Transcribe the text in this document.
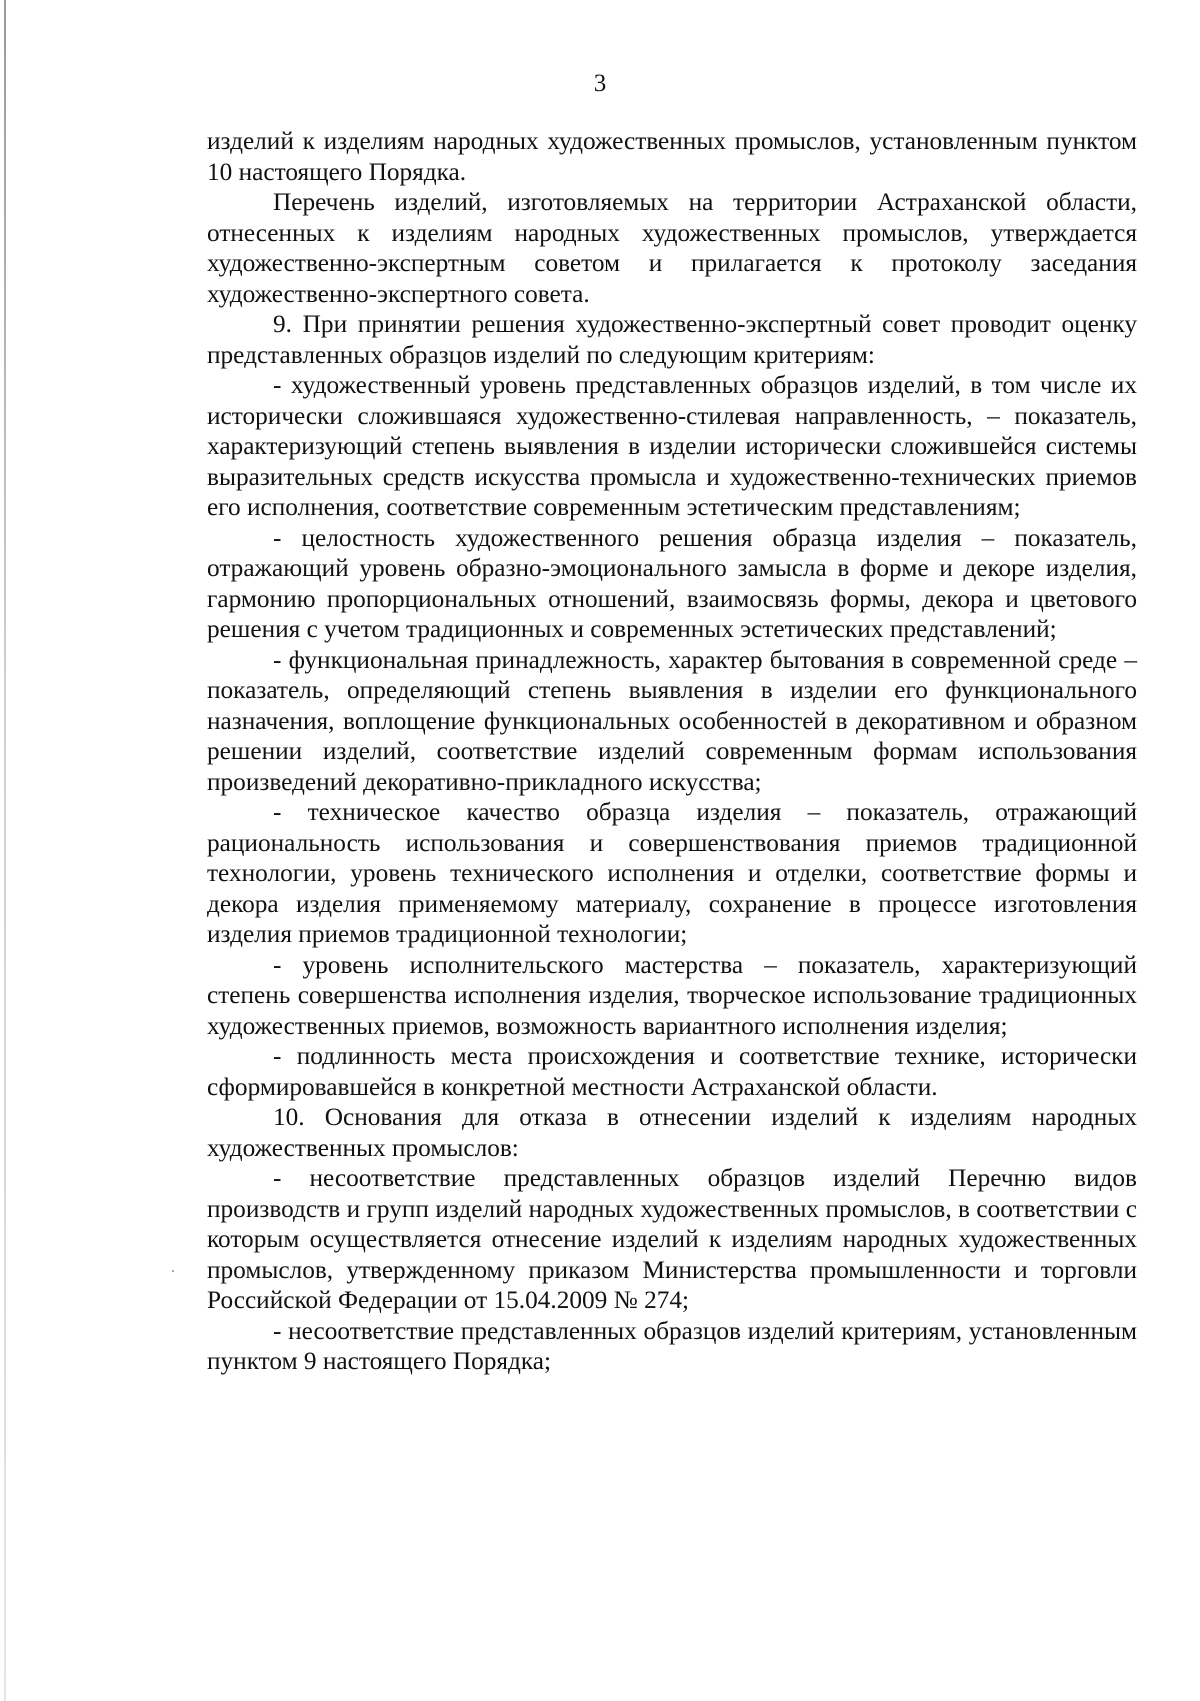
3

изделий к изделиям народных художественных промыслов, установленным пунктом 10 настоящего Порядка.

Перечень изделий, изготовляемых на территории Астраханской области, отнесенных к изделиям народных художественных промыслов, утверждается художественно-экспертным советом и прилагается к протоколу заседания художественно-экспертного совета.

9. При принятии решения художественно-экспертный совет проводит оценку представленных образцов изделий по следующим критериям:

- художественный уровень представленных образцов изделий, в том числе их исторически сложившаяся художественно-стилевая направленность, – показатель, характеризующий степень выявления в изделии исторически сложившейся системы выразительных средств искусства промысла и художественно-технических приемов его исполнения, соответствие современным эстетическим представлениям;

- целостность художественного решения образца изделия – показатель, отражающий уровень образно-эмоционального замысла в форме и декоре изделия, гармонию пропорциональных отношений, взаимосвязь формы, декора и цветового решения с учетом традиционных и современных эстетических представлений;

- функциональная принадлежность, характер бытования в современной среде – показатель, определяющий степень выявления в изделии его функционального назначения, воплощение функциональных особенностей в декоративном и образном решении изделий, соответствие изделий современным формам использования произведений декоративно-прикладного искусства;

- техническое качество образца изделия – показатель, отражающий рациональность использования и совершенствования приемов традиционной технологии, уровень технического исполнения и отделки, соответствие формы и декора изделия применяемому материалу, сохранение в процессе изготовления изделия приемов традиционной технологии;

- уровень исполнительского мастерства – показатель, характеризующий степень совершенства исполнения изделия, творческое использование традиционных художественных приемов, возможность вариантного исполнения изделия;

- подлинность места происхождения и соответствие технике, исторически сформировавшейся в конкретной местности Астраханской области.

10. Основания для отказа в отнесении изделий к изделиям народных художественных промыслов:

- несоответствие представленных образцов изделий Перечню видов производств и групп изделий народных художественных промыслов, в соответствии с которым осуществляется отнесение изделий к изделиям народных художественных промыслов, утвержденному приказом Министерства промышленности и торговли Российской Федерации от 15.04.2009 № 274;

- несоответствие представленных образцов изделий критериям, установленным пунктом 9 настоящего Порядка;
